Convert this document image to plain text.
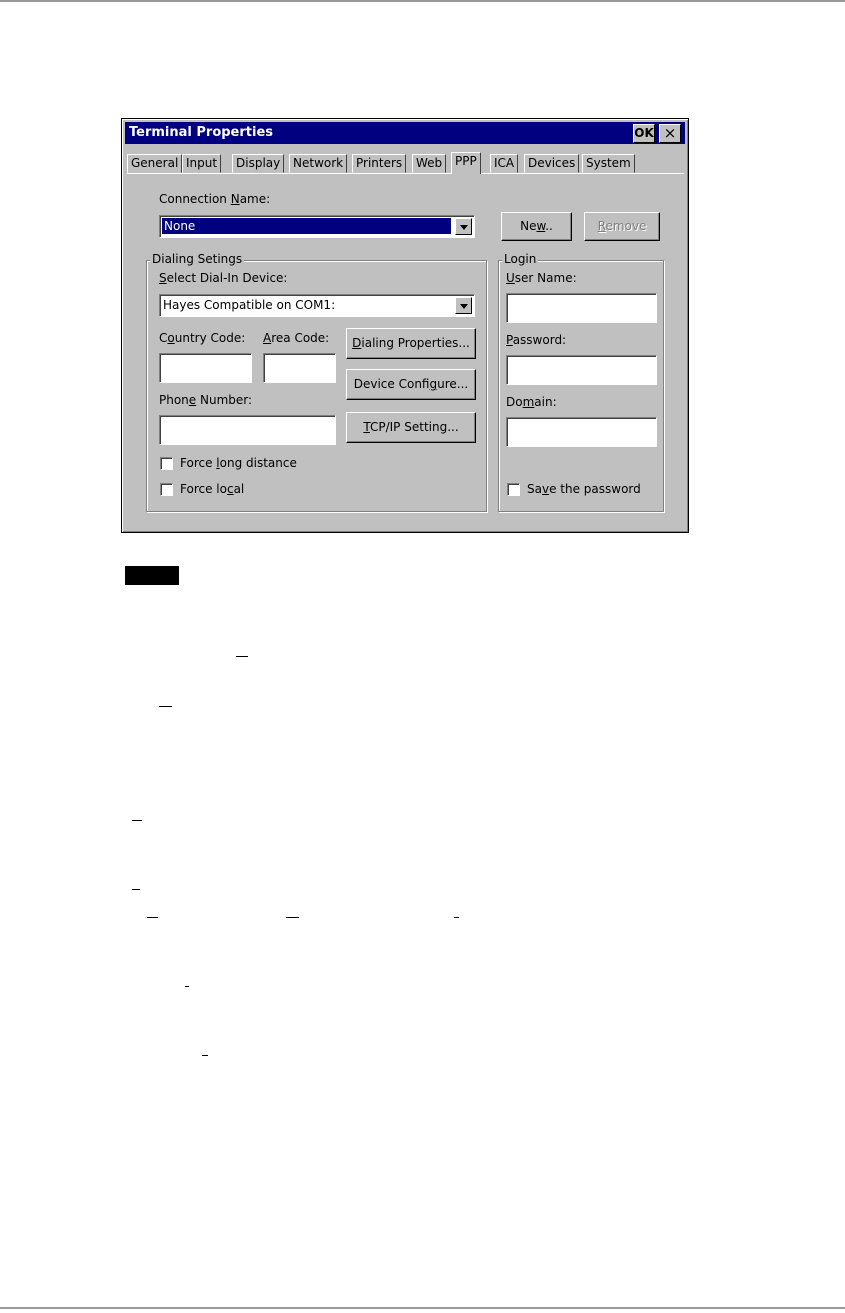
Terminal Properties	OK ×
General Input	Display	Network	Printers	Web	PPP	ICA	Devices System
Connection Name:
None	New..	Remove
Dialing Setings
Select Dial-In Device:
Hayes Compatible on COM1:
Country Code: Area Code:	Dialing Properties...
Device Configure...
Phone Number:
TCP/IP Setting...
Force long distance
Force local
Login
User Name:
Password:
Domain:
Save the password
